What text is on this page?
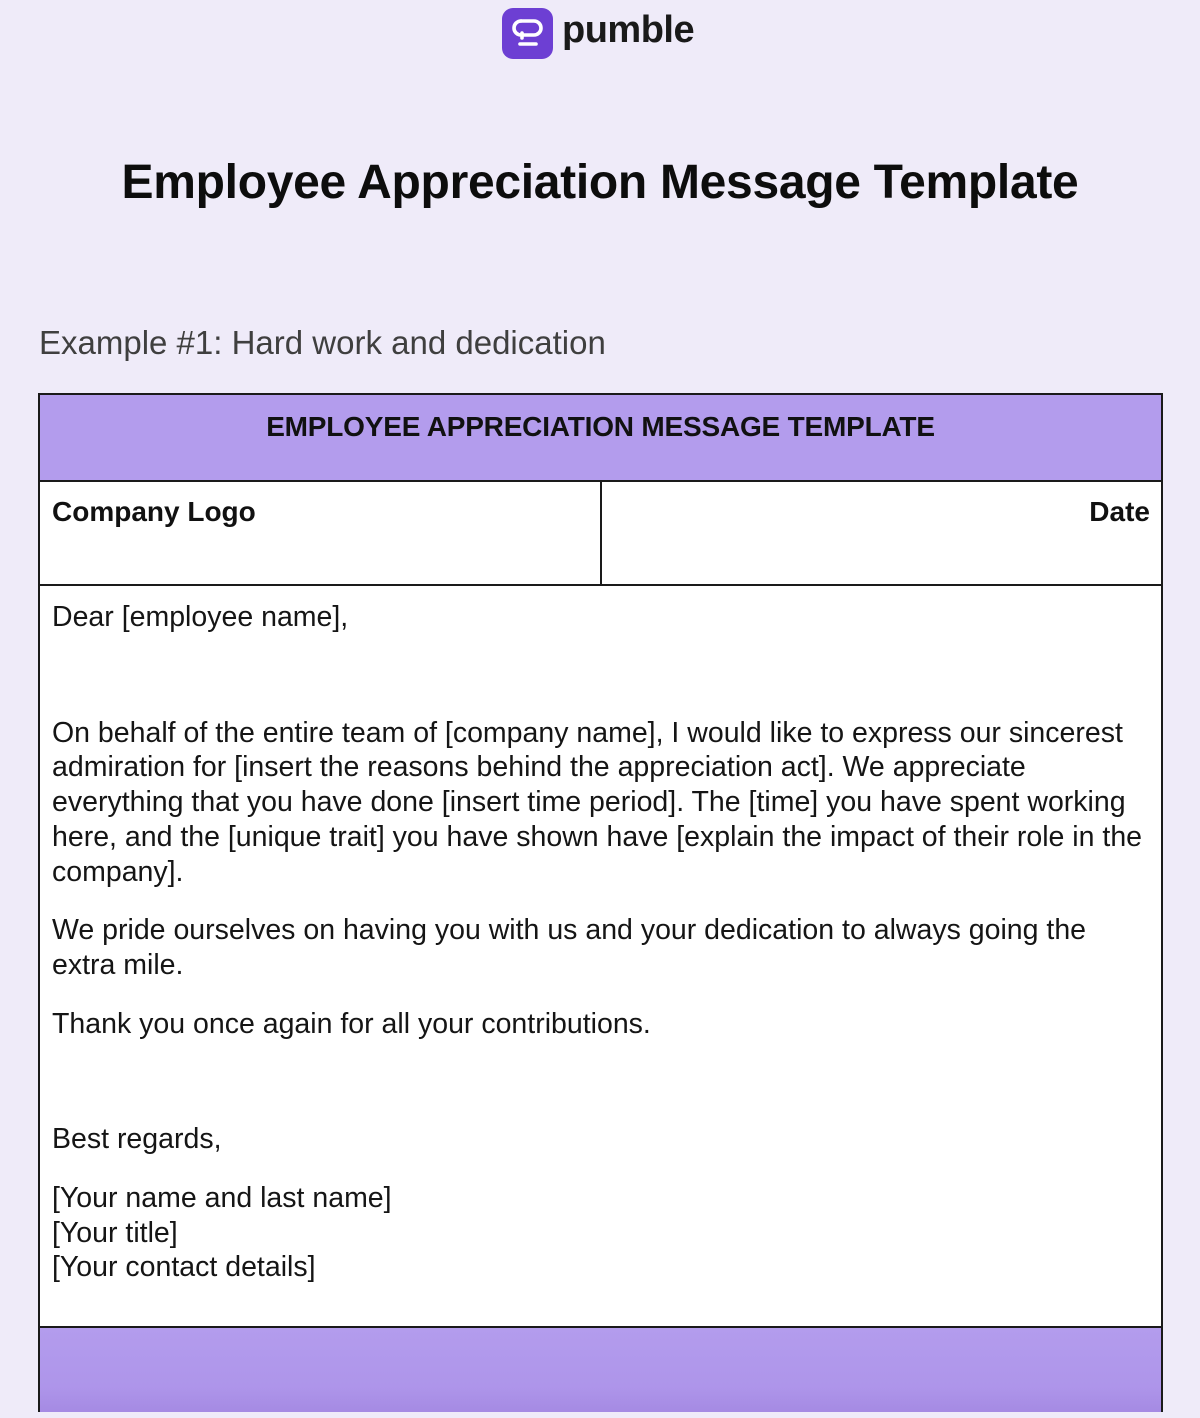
pumble
Employee Appreciation Message Template
Example #1: Hard work and dedication
EMPLOYEE APPRECIATION MESSAGE TEMPLATE
Company Logo	Date

Dear [employee name],

On behalf of the entire team of [company name], I would like to express our sincerest admiration for [insert the reasons behind the appreciation act]. We appreciate everything that you have done [insert time period]. The [time] you have spent working here, and the [unique trait] you have shown have [explain the impact of their role in the company].

We pride ourselves on having you with us and your dedication to always going the extra mile.

Thank you once again for all your contributions.

Best regards,

[Your name and last name]
[Your title]
[Your contact details]
